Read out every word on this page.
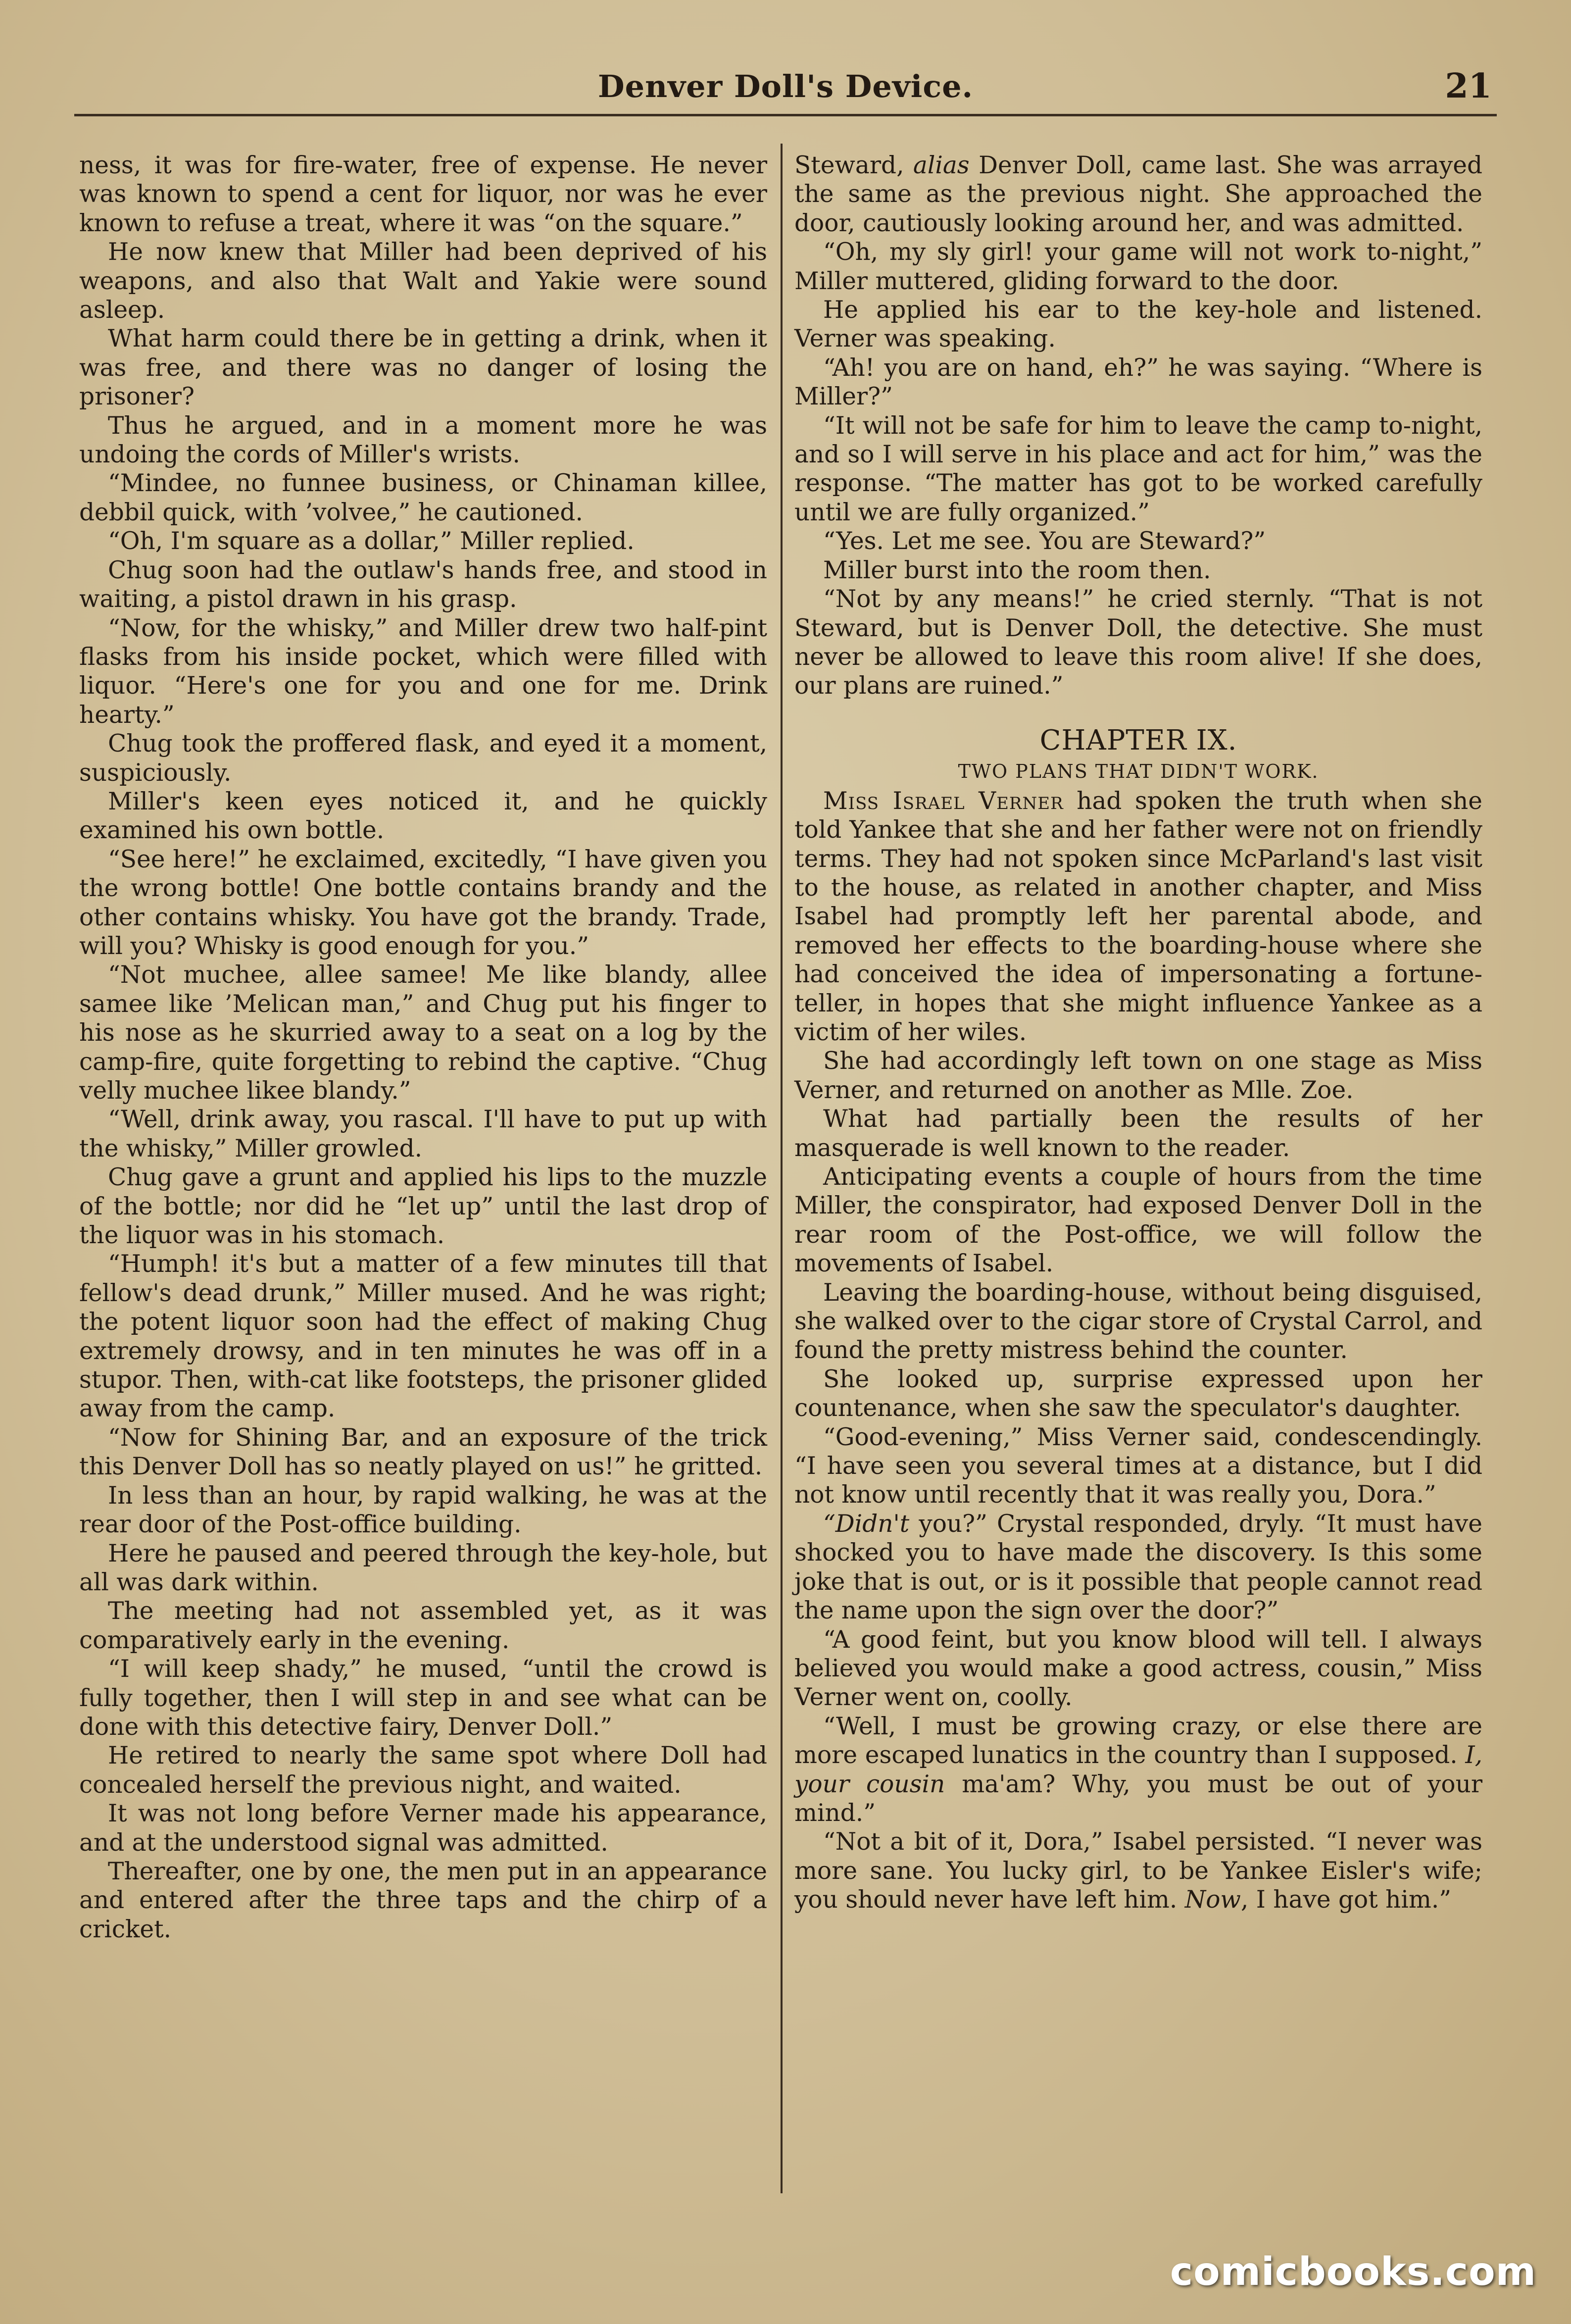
Denver Doll's Device.	21

ness, it was for fire-water, free of expense. He never was known to spend a cent for liquor, nor was he ever known to refuse a treat, where it was “on the square.”

He now knew that Miller had been deprived of his weapons, and also that Walt and Yakie were sound asleep.

What harm could there be in getting a drink, when it was free, and there was no danger of losing the prisoner?

Thus he argued, and in a moment more he was undoing the cords of Miller's wrists.

“Mindee, no funnee business, or Chinaman killee, debbil quick, with ’volvee,” he cautioned.

“Oh, I'm square as a dollar,” Miller replied.

Chug soon had the outlaw's hands free, and stood in waiting, a pistol drawn in his grasp.

“Now, for the whisky,” and Miller drew two half-pint flasks from his inside pocket, which were filled with liquor. “Here's one for you and one for me. Drink hearty.”

Chug took the proffered flask, and eyed it a moment, suspiciously.

Miller's keen eyes noticed it, and he quickly examined his own bottle.

“See here!” he exclaimed, excitedly, “I have given you the wrong bottle! One bottle contains brandy and the other contains whisky. You have got the brandy. Trade, will you? Whisky is good enough for you.”

“Not muchee, allee samee! Me like blandy, allee samee like ’Melican man,” and Chug put his finger to his nose as he skurried away to a seat on a log by the camp-fire, quite forgetting to rebind the captive. “Chug velly muchee likee blandy.”

“Well, drink away, you rascal. I'll have to put up with the whisky,” Miller growled.

Chug gave a grunt and applied his lips to the muzzle of the bottle; nor did he “let up” until the last drop of the liquor was in his stomach.

“Humph! it's but a matter of a few minutes till that fellow's dead drunk,” Miller mused. And he was right; the potent liquor soon had the effect of making Chug extremely drowsy, and in ten minutes he was off in a stupor. Then, with-cat like footsteps, the prisoner glided away from the camp.

“Now for Shining Bar, and an exposure of the trick this Denver Doll has so neatly played on us!” he gritted.

In less than an hour, by rapid walking, he was at the rear door of the Post-office building.

Here he paused and peered through the key-hole, but all was dark within.

The meeting had not assembled yet, as it was comparatively early in the evening.

“I will keep shady,” he mused, “until the crowd is fully together, then I will step in and see what can be done with this detective fairy, Denver Doll.”

He retired to nearly the same spot where Doll had concealed herself the previous night, and waited.

It was not long before Verner made his appearance, and at the understood signal was admitted.

Thereafter, one by one, the men put in an appearance and entered after the three taps and the chirp of a cricket.

Steward, alias Denver Doll, came last. She was arrayed the same as the previous night. She approached the door, cautiously looking around her, and was admitted.

“Oh, my sly girl! your game will not work to-night,” Miller muttered, gliding forward to the door.

He applied his ear to the key-hole and listened. Verner was speaking.

“Ah! you are on hand, eh?” he was saying. “Where is Miller?”

“It will not be safe for him to leave the camp to-night, and so I will serve in his place and act for him,” was the response. “The matter has got to be worked carefully until we are fully organized.”

“Yes. Let me see. You are Steward?”

Miller burst into the room then.

“Not by any means!” he cried sternly. “That is not Steward, but is Denver Doll, the detective. She must never be allowed to leave this room alive! If she does, our plans are ruined.”

CHAPTER IX.
TWO PLANS THAT DIDN'T WORK.

Miss Israel Verner had spoken the truth when she told Yankee that she and her father were not on friendly terms. They had not spoken since McParland's last visit to the house, as related in another chapter, and Miss Isabel had promptly left her parental abode, and removed her effects to the boarding-house where she had conceived the idea of impersonating a fortune-teller, in hopes that she might influence Yankee as a victim of her wiles.

She had accordingly left town on one stage as Miss Verner, and returned on another as Mlle. Zoe.

What had partially been the results of her masquerade is well known to the reader.

Anticipating events a couple of hours from the time Miller, the conspirator, had exposed Denver Doll in the rear room of the Post-office, we will follow the movements of Isabel.

Leaving the boarding-house, without being disguised, she walked over to the cigar store of Crystal Carrol, and found the pretty mistress behind the counter.

She looked up, surprise expressed upon her countenance, when she saw the speculator's daughter.

“Good-evening,” Miss Verner said, condescendingly. “I have seen you several times at a distance, but I did not know until recently that it was really you, Dora.”

“Didn't you?” Crystal responded, dryly. “It must have shocked you to have made the discovery. Is this some joke that is out, or is it possible that people cannot read the name upon the sign over the door?”

“A good feint, but you know blood will tell. I always believed you would make a good actress, cousin,” Miss Verner went on, coolly.

“Well, I must be growing crazy, or else there are more escaped lunatics in the country than I supposed. I, your cousin ma'am? Why, you must be out of your mind.”

“Not a bit of it, Dora,” Isabel persisted. “I never was more sane. You lucky girl, to be Yankee Eisler's wife; you should never have left him. Now, I have got him.”

comicbooks.com
